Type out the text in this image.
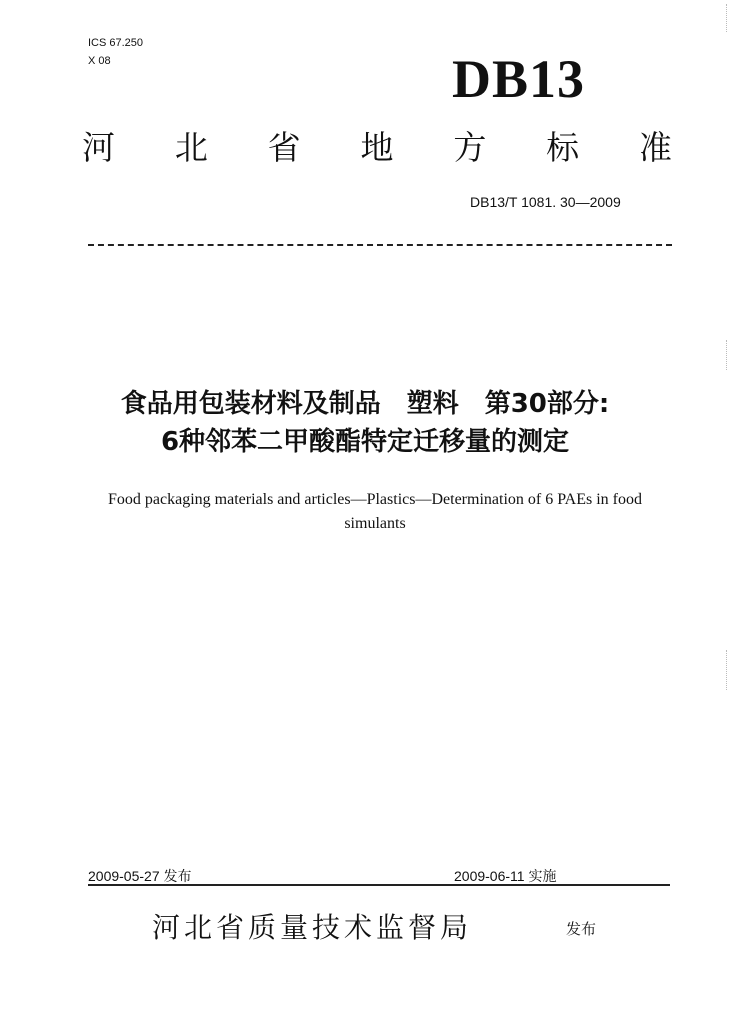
ICS 67.250
X 08	DB13
河 北 省 地 方 标 准
DB13/T 1081. 30—2009
食品用包装材料及制品　塑料　第30部分:
6种邻苯二甲酸酯特定迁移量的测定
Food packaging materials and articles—Plastics—Determination of 6 PAEs in food
simulants
2009-05-27 发布	2009-06-11 实施
河北省质量技术监督局	发布
